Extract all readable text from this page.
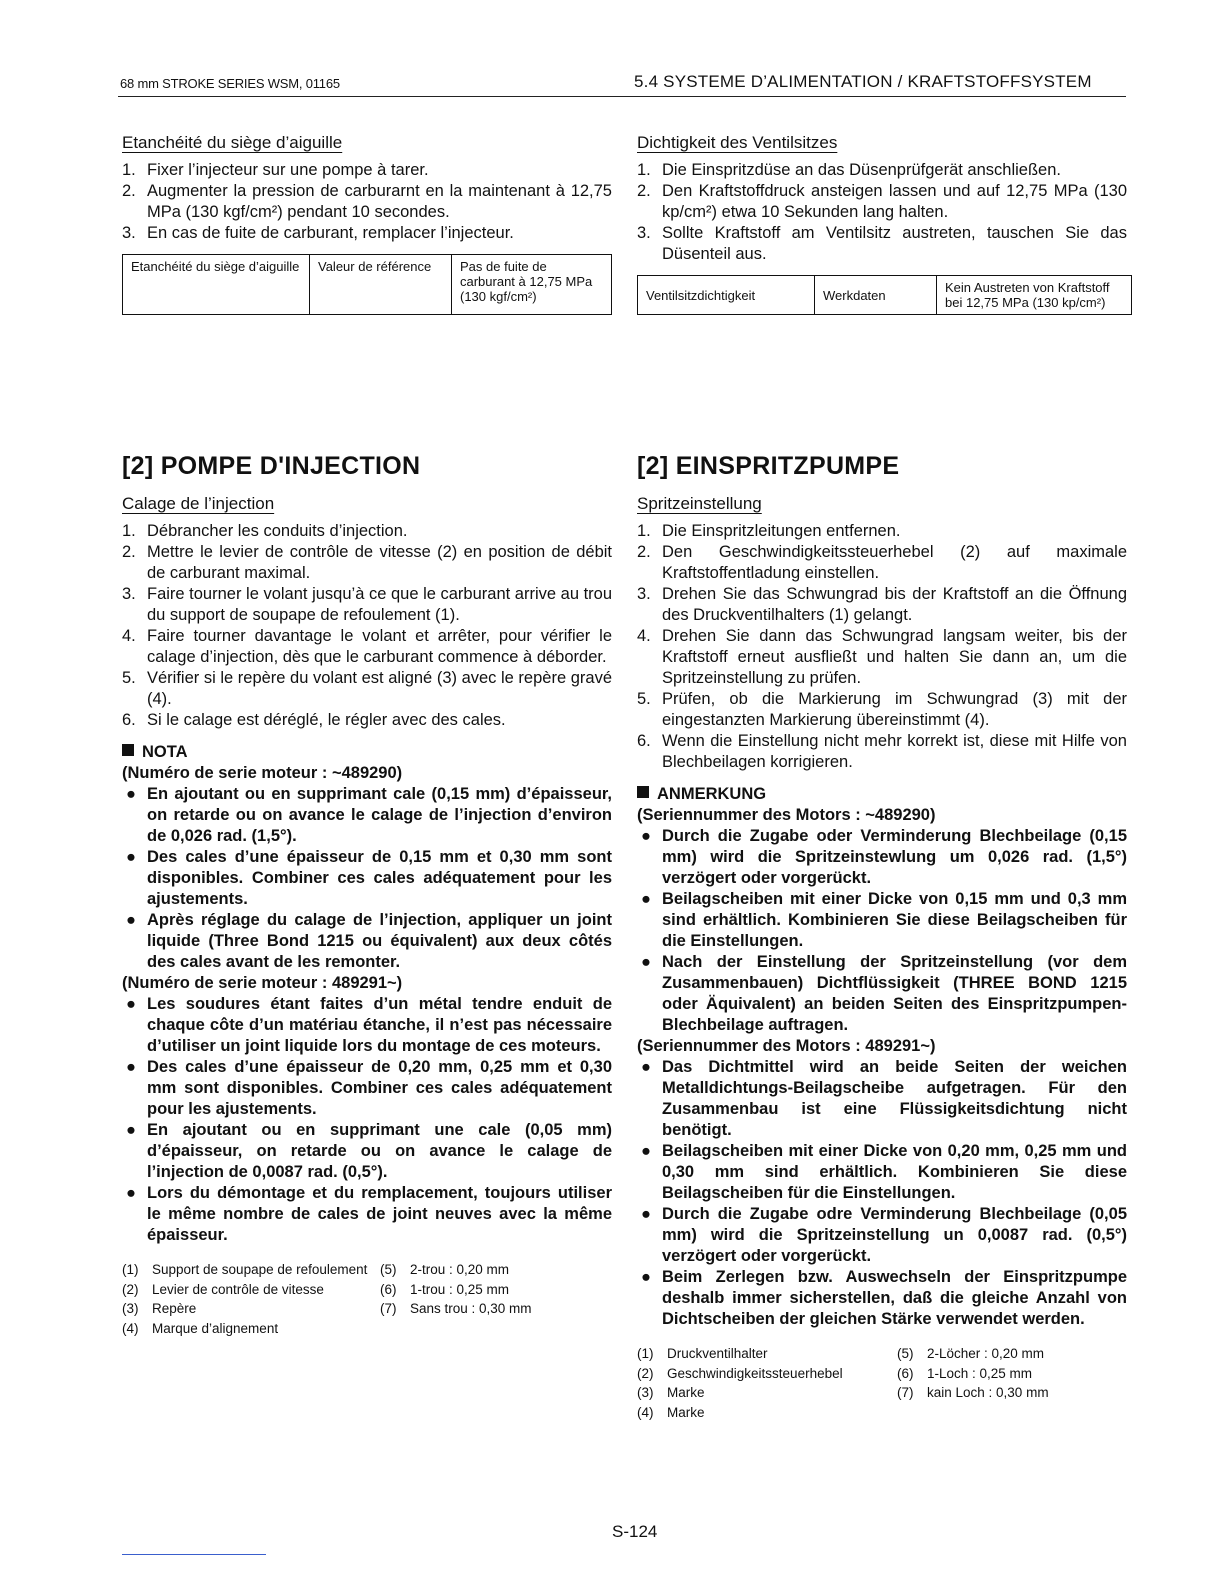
68 mm STROKE SERIES WSM, 01165	5.4 SYSTEME D’ALIMENTATION / KRAFTSTOFFSYSTEM
Etanchéité du siège d’aiguille
1. Fixer l’injecteur sur une pompe à tarer.
2. Augmenter la pression de carburarnt en la maintenant à 12,75 MPa (130 kgf/cm²) pendant 10 secondes.
3. En cas de fuite de carburant, remplacer l’injecteur.
Etanchéité du siège d’aiguille	Valeur de référence	Pas de fuite de carburant à 12,75 MPa (130 kgf/cm²)
Dichtigkeit des Ventilsitzes
1. Die Einspritzdüse an das Düsenprüfgerät anschließen.
2. Den Kraftstoffdruck ansteigen lassen und auf 12,75 MPa (130 kp/cm²) etwa 10 Sekunden lang halten.
3. Sollte Kraftstoff am Ventilsitz austreten, tauschen Sie das Düsenteil aus.
Ventilsitzdichtigkeit	Werkdaten	Kein Austreten von Kraftstoff bei 12,75 MPa (130 kp/cm²)
[2] POMPE D'INJECTION
Calage de l’injection
1. Débrancher les conduits d’injection.
2. Mettre le levier de contrôle de vitesse (2) en position de débit de carburant maximal.
3. Faire tourner le volant jusqu’à ce que le carburant arrive au trou du support de soupape de refoulement (1).
4. Faire tourner davantage le volant et arrêter, pour vérifier le calage d’injection, dès que le carburant commence à déborder.
5. Vérifier si le repère du volant est aligné (3) avec le repère gravé (4).
6. Si le calage est déréglé, le régler avec des cales.
NOTA
(Numéro de serie moteur : ~489290)
● En ajoutant ou en supprimant cale (0,15 mm) d’épaisseur, on retarde ou on avance le calage de l’injection d’environ de 0,026 rad. (1,5°).
● Des cales d’une épaisseur de 0,15 mm et 0,30 mm sont disponibles. Combiner ces cales adéquatement pour les ajustements.
● Après réglage du calage de l’injection, appliquer un joint liquide (Three Bond 1215 ou équivalent) aux deux côtés des cales avant de les remonter.
(Numéro de serie moteur : 489291~)
● Les soudures étant faites d’un métal tendre enduit de chaque côte d’un matériau étanche, il n’est pas nécessaire d’utiliser un joint liquide lors du montage de ces moteurs.
● Des cales d’une épaisseur de 0,20 mm, 0,25 mm et 0,30 mm sont disponibles. Combiner ces cales adéquatement pour les ajustements.
● En ajoutant ou en supprimant une cale (0,05 mm) d’épaisseur, on retarde ou on avance le calage de l’injection de 0,0087 rad. (0,5°).
● Lors du démontage et du remplacement, toujours utiliser le même nombre de cales de joint neuves avec la même épaisseur.
(1) Support de soupape de refoulement
(2) Levier de contrôle de vitesse
(3) Repère
(4) Marque d’alignement
(5) 2-trou : 0,20 mm
(6) 1-trou : 0,25 mm
(7) Sans trou : 0,30 mm
[2] EINSPRITZPUMPE
Spritzeinstellung
1. Die Einspritzleitungen entfernen.
2. Den Geschwindigkeitssteuerhebel (2) auf maximale Kraftstoffentladung einstellen.
3. Drehen Sie das Schwungrad bis der Kraftstoff an die Öffnung des Druckventilhalters (1) gelangt.
4. Drehen Sie dann das Schwungrad langsam weiter, bis der Kraftstoff erneut ausfließt und halten Sie dann an, um die Spritzeinstellung zu prüfen.
5. Prüfen, ob die Markierung im Schwungrad (3) mit der eingestanzten Markierung übereinstimmt (4).
6. Wenn die Einstellung nicht mehr korrekt ist, diese mit Hilfe von Blechbeilagen korrigieren.
ANMERKUNG
(Seriennummer des Motors : ~489290)
● Durch die Zugabe oder Verminderung Blechbeilage (0,15 mm) wird die Spritzeinstewlung um 0,026 rad. (1,5°) verzögert oder vorgerückt.
● Beilagscheiben mit einer Dicke von 0,15 mm und 0,3 mm sind erhältlich. Kombinieren Sie diese Beilagscheiben für die Einstellungen.
● Nach der Einstellung der Spritzeinstellung (vor dem Zusammenbauen) Dichtflüssigkeit (THREE BOND 1215 oder Äquivalent) an beiden Seiten des Einspritzpumpen-Blechbeilage auftragen.
(Seriennummer des Motors : 489291~)
● Das Dichtmittel wird an beide Seiten der weichen Metalldichtungs-Beilagscheibe aufgetragen. Für den Zusammenbau ist eine Flüssigkeitsdichtung nicht benötigt.
● Beilagscheiben mit einer Dicke von 0,20 mm, 0,25 mm und 0,30 mm sind erhältlich. Kombinieren Sie diese Beilagscheiben für die Einstellungen.
● Durch die Zugabe odre Verminderung Blechbeilage (0,05 mm) wird die Spritzeinstellung un 0,0087 rad. (0,5°) verzögert oder vorgerückt.
● Beim Zerlegen bzw. Auswechseln der Einspritzpumpe deshalb immer sicherstellen, daß die gleiche Anzahl von Dichtscheiben der gleichen Stärke verwendet werden.
(1) Druckventilhalter
(2) Geschwindigkeitssteuerhebel
(3) Marke
(4) Marke
(5) 2-Löcher : 0,20 mm
(6) 1-Loch : 0,25 mm
(7) kain Loch : 0,30 mm
S-124
